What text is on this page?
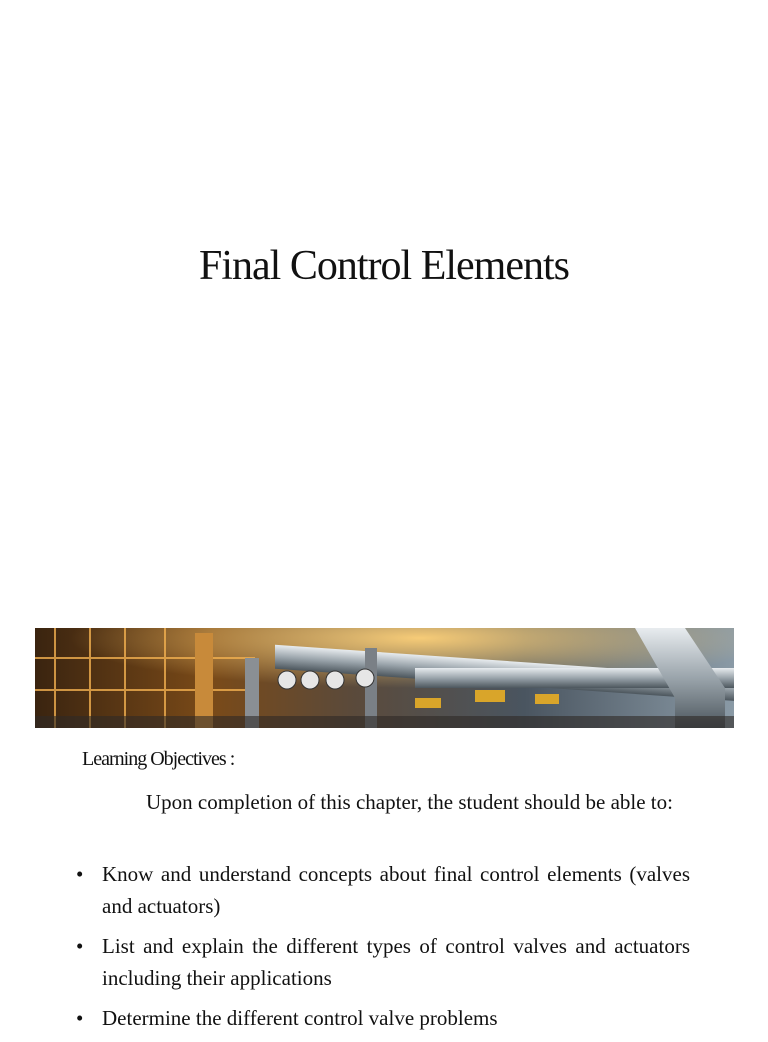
Final Control Elements
Learning Objectives :
Upon completion of this chapter, the student should be able to:
• Know and understand concepts about final control elements (valves and actuators)
• List and explain the different types of control valves and actuators including their applications
• Determine the different control valve problems
